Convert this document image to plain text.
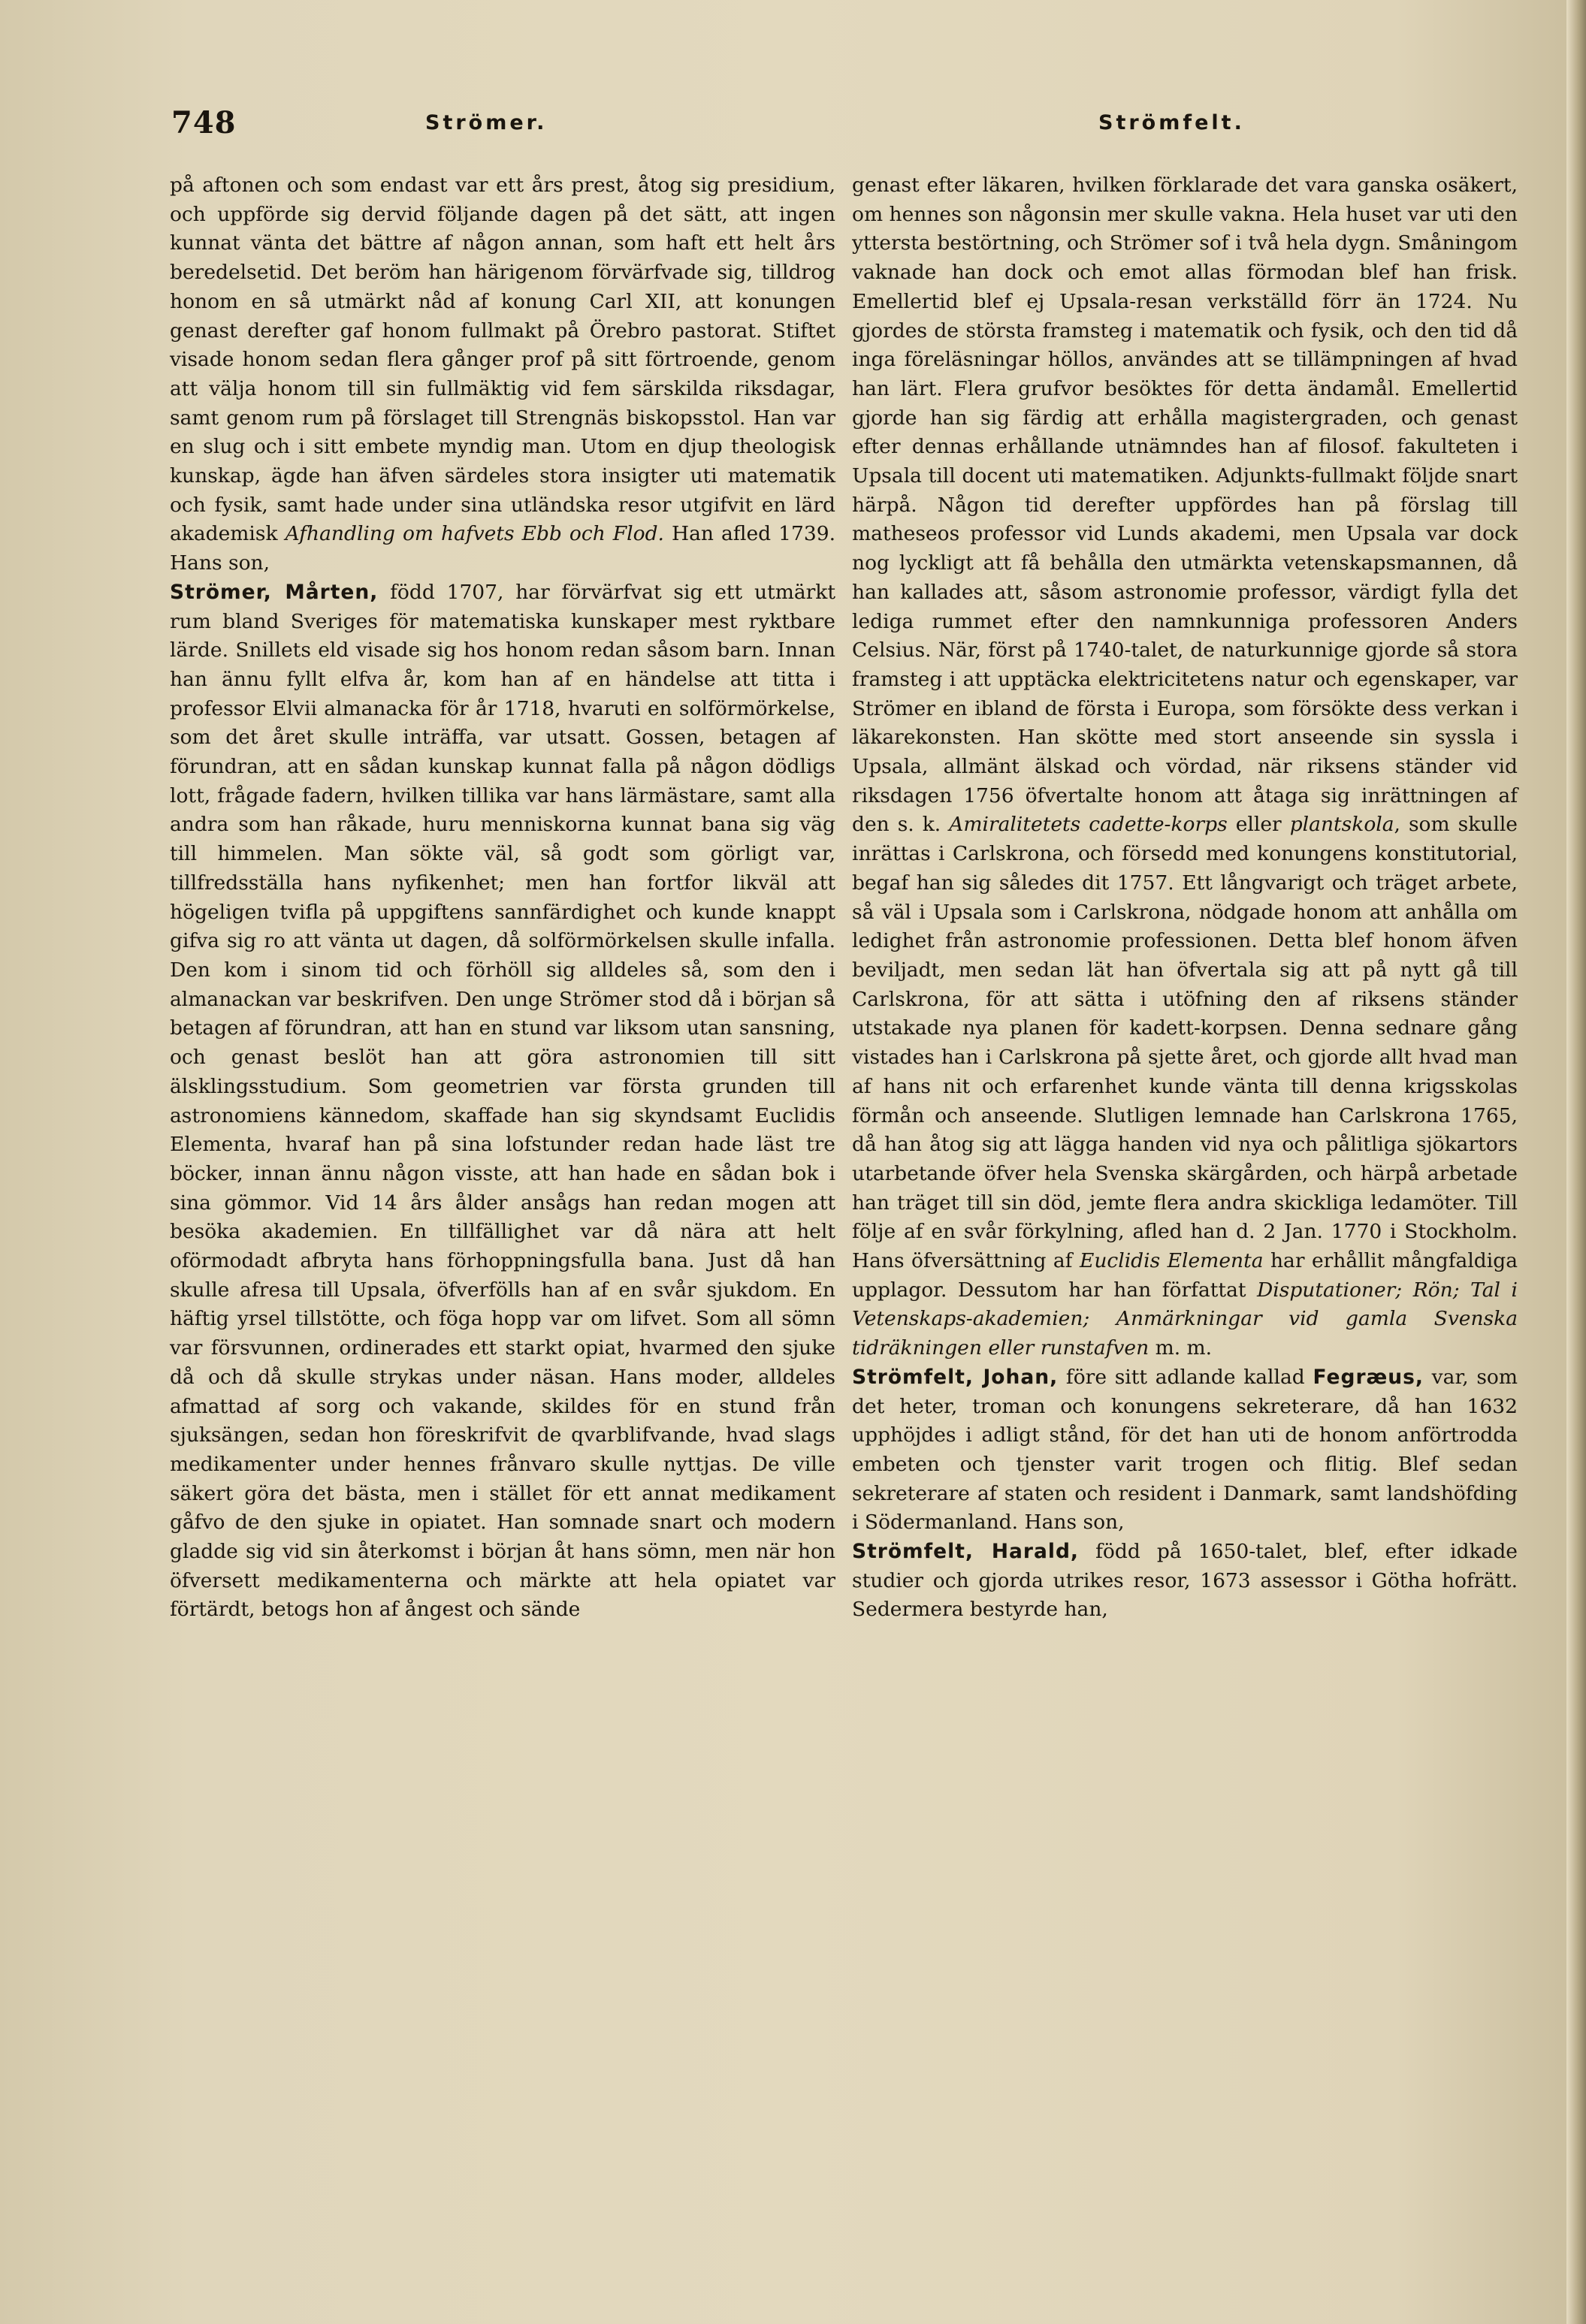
748	Strömer.	Strömfelt.

på aftonen och som endast var ett års prest, åtog sig presidium, och uppförde sig dervid följande dagen på det sätt, att ingen kunnat vänta det bättre af någon annan, som haft ett helt års beredelsetid. Det beröm han härigenom förvärfvade sig, tilldrog honom en så utmärkt nåd af konung Carl XII, att konungen genast derefter gaf honom fullmakt på Örebro pastorat. Stiftet visade honom sedan flera gånger prof på sitt förtroende, genom att välja honom till sin fullmäktig vid fem särskilda riksdagar, samt genom rum på förslaget till Strengnäs biskopsstol. Han var en slug och i sitt embete myndig man. Utom en djup theologisk kunskap, ägde han äfven särdeles stora insigter uti matematik och fysik, samt hade under sina utländska resor utgifvit en lärd akademisk Afhandling om hafvets Ebb och Flod. Han afled 1739. Hans son,

Strömer, Mårten, född 1707, har förvärfvat sig ett utmärkt rum bland Sveriges för matematiska kunskaper mest ryktbare lärde. Snillets eld visade sig hos honom redan såsom barn. Innan han ännu fyllt elfva år, kom han af en händelse att titta i professor Elvii almanacka för år 1718, hvaruti en solförmörkelse, som det året skulle inträffa, var utsatt. Gossen, betagen af förundran, att en sådan kunskap kunnat falla på någon dödligs lott, frågade fadern, hvilken tillika var hans lärmästare, samt alla andra som han råkade, huru menniskorna kunnat bana sig väg till himmelen. Man sökte väl, så godt som görligt var, tillfredsställa hans nyfikenhet; men han fortfor likväl att högeligen tvifla på uppgiftens sannfärdighet och kunde knappt gifva sig ro att vänta ut dagen, då solförmörkelsen skulle infalla. Den kom i sinom tid och förhöll sig alldeles så, som den i almanackan var beskrifven. Den unge Strömer stod då i början så betagen af förundran, att han en stund var liksom utan sansning, och genast beslöt han att göra astronomien till sitt älsklingsstudium. Som geometrien var första grunden till astronomiens kännedom, skaffade han sig skyndsamt Euclidis Elementa, hvaraf han på sina lofstunder redan hade läst tre böcker, innan ännu någon visste, att han hade en sådan bok i sina gömmor. Vid 14 års ålder ansågs han redan mogen att besöka akademien. En tillfällighet var då nära att helt oförmodadt afbryta hans förhoppningsfulla bana. Just då han skulle afresa till Upsala, öfverfölls han af en svår sjukdom. En häftig yrsel tillstötte, och föga hopp var om lifvet. Som all sömn var försvunnen, ordinerades ett starkt opiat, hvarmed den sjuke då och då skulle strykas under näsan. Hans moder, alldeles afmattad af sorg och vakande, skildes för en stund från sjuksängen, sedan hon föreskrifvit de qvarblifvande, hvad slags medikamenter under hennes frånvaro skulle nyttjas. De ville säkert göra det bästa, men i stället för ett annat medikament gåfvo de den sjuke in opiatet. Han somnade snart och modern gladde sig vid sin återkomst i början åt hans sömn, men när hon öfversett medikamenterna och märkte att hela opiatet var förtärdt, betogs hon af ångest och sände

genast efter läkaren, hvilken förklarade det vara ganska osäkert, om hennes son någonsin mer skulle vakna. Hela huset var uti den yttersta bestörtning, och Strömer sof i två hela dygn. Småningom vaknade han dock och emot allas förmodan blef han frisk. Emellertid blef ej Upsala-resan verkställd förr än 1724. Nu gjordes de största framsteg i matematik och fysik, och den tid då inga föreläsningar höllos, användes att se tillämpningen af hvad han lärt. Flera grufvor besöktes för detta ändamål. Emellertid gjorde han sig färdig att erhålla magistergraden, och genast efter dennas erhållande utnämndes han af filosof. fakulteten i Upsala till docent uti matematiken. Adjunkts-fullmakt följde snart härpå. Någon tid derefter uppfördes han på förslag till matheseos professor vid Lunds akademi, men Upsala var dock nog lyckligt att få behålla den utmärkta vetenskapsmannen, då han kallades att, såsom astronomie professor, värdigt fylla det lediga rummet efter den namnkunniga professoren Anders Celsius. När, först på 1740-talet, de naturkunnige gjorde så stora framsteg i att upptäcka elektricitetens natur och egenskaper, var Strömer en ibland de första i Europa, som försökte dess verkan i läkarekonsten. Han skötte med stort anseende sin syssla i Upsala, allmänt älskad och vördad, när riksens ständer vid riksdagen 1756 öfvertalte honom att åtaga sig inrättningen af den s. k. Amiralitetets cadette-korps eller plantskola, som skulle inrättas i Carlskrona, och försedd med konungens konstitutorial, begaf han sig således dit 1757. Ett långvarigt och träget arbete, så väl i Upsala som i Carlskrona, nödgade honom att anhålla om ledighet från astronomie professionen. Detta blef honom äfven beviljadt, men sedan lät han öfvertala sig att på nytt gå till Carlskrona, för att sätta i utöfning den af riksens ständer utstakade nya planen för kadett-korpsen. Denna sednare gång vistades han i Carlskrona på sjette året, och gjorde allt hvad man af hans nit och erfarenhet kunde vänta till denna krigsskolas förmån och anseende. Slutligen lemnade han Carlskrona 1765, då han åtog sig att lägga handen vid nya och pålitliga sjökartors utarbetande öfver hela Svenska skärgården, och härpå arbetade han träget till sin död, jemte flera andra skickliga ledamöter. Till följe af en svår förkylning, afled han d. 2 Jan. 1770 i Stockholm. Hans öfversättning af Euclidis Elementa har erhållit mångfaldiga upplagor. Dessutom har han författat Disputationer; Rön; Tal i Vetenskaps-akademien; Anmärkningar vid gamla Svenska tidräkningen eller runstafven m. m.

Strömfelt, Johan, före sitt adlande kallad Fegræus, var, som det heter, troman och konungens sekreterare, då han 1632 upphöjdes i adligt stånd, för det han uti de honom anförtrodda embeten och tjenster varit trogen och flitig. Blef sedan sekreterare af staten och resident i Danmark, samt landshöfding i Södermanland. Hans son,

Strömfelt, Harald, född på 1650-talet, blef, efter idkade studier och gjorda utrikes resor, 1673 assessor i Götha hofrätt. Sedermera bestyrde han,
